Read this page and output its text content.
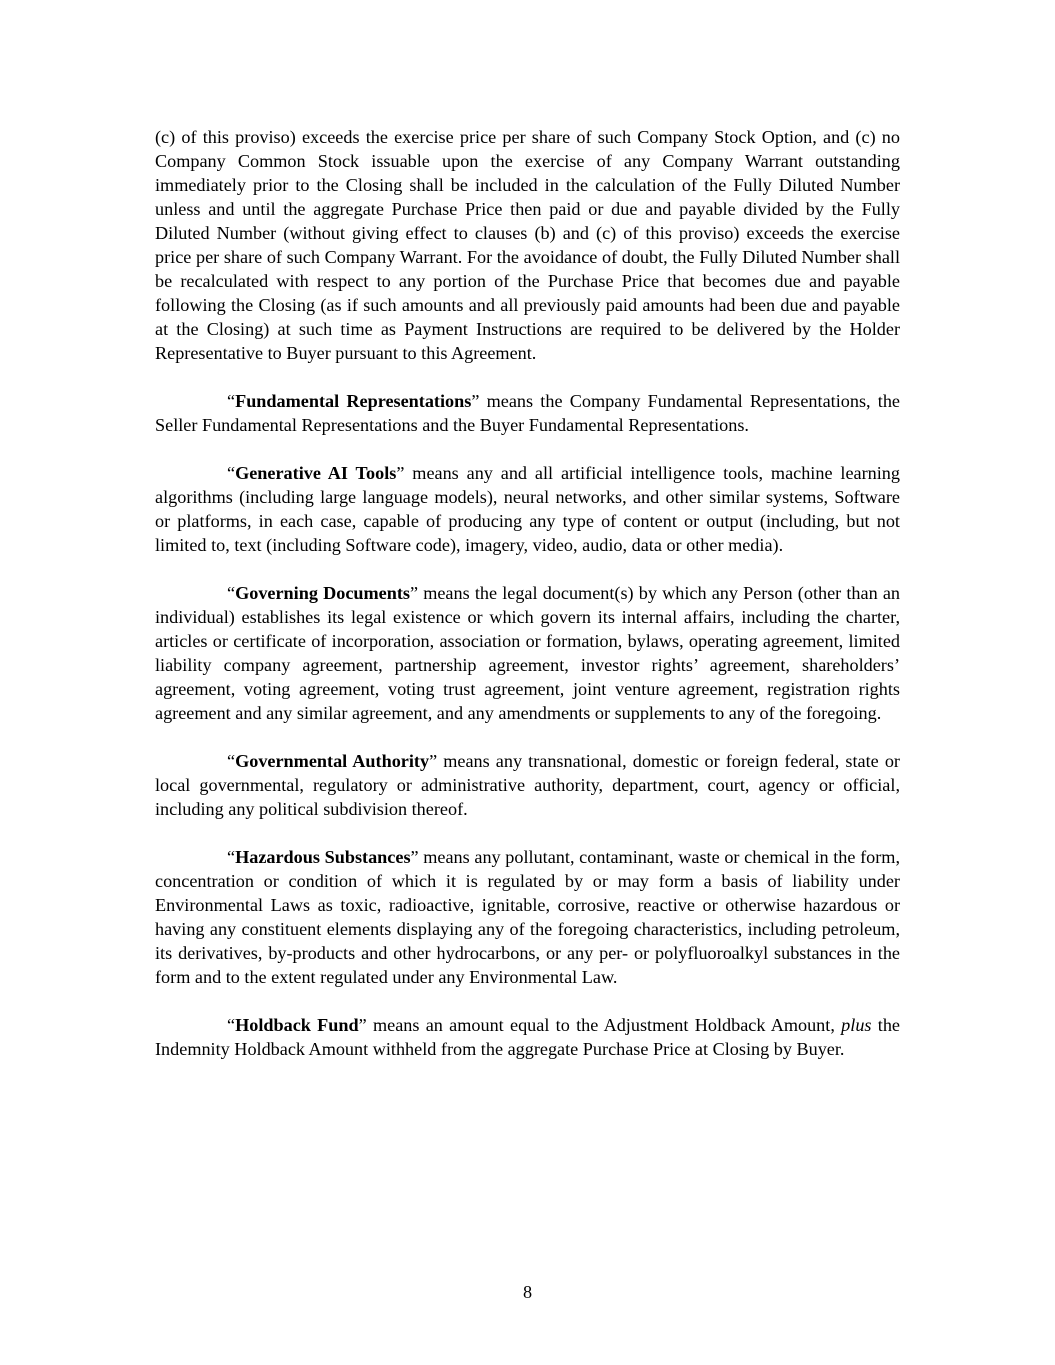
(c) of this proviso) exceeds the exercise price per share of such Company Stock Option, and (c) no Company Common Stock issuable upon the exercise of any Company Warrant outstanding immediately prior to the Closing shall be included in the calculation of the Fully Diluted Number unless and until the aggregate Purchase Price then paid or due and payable divided by the Fully Diluted Number (without giving effect to clauses (b) and (c) of this proviso) exceeds the exercise price per share of such Company Warrant. For the avoidance of doubt, the Fully Diluted Number shall be recalculated with respect to any portion of the Purchase Price that becomes due and payable following the Closing (as if such amounts and all previously paid amounts had been due and payable at the Closing) at such time as Payment Instructions are required to be delivered by the Holder Representative to Buyer pursuant to this Agreement.

“Fundamental Representations” means the Company Fundamental Representations, the Seller Fundamental Representations and the Buyer Fundamental Representations.

“Generative AI Tools” means any and all artificial intelligence tools, machine learning algorithms (including large language models), neural networks, and other similar systems, Software or platforms, in each case, capable of producing any type of content or output (including, but not limited to, text (including Software code), imagery, video, audio, data or other media).

“Governing Documents” means the legal document(s) by which any Person (other than an individual) establishes its legal existence or which govern its internal affairs, including the charter, articles or certificate of incorporation, association or formation, bylaws, operating agreement, limited liability company agreement, partnership agreement, investor rights’ agreement, shareholders’ agreement, voting agreement, voting trust agreement, joint venture agreement, registration rights agreement and any similar agreement, and any amendments or supplements to any of the foregoing.

“Governmental Authority” means any transnational, domestic or foreign federal, state or local governmental, regulatory or administrative authority, department, court, agency or official, including any political subdivision thereof.

“Hazardous Substances” means any pollutant, contaminant, waste or chemical in the form, concentration or condition of which it is regulated by or may form a basis of liability under Environmental Laws as toxic, radioactive, ignitable, corrosive, reactive or otherwise hazardous or having any constituent elements displaying any of the foregoing characteristics, including petroleum, its derivatives, by-products and other hydrocarbons, or any per- or polyfluoroalkyl substances in the form and to the extent regulated under any Environmental Law.

“Holdback Fund” means an amount equal to the Adjustment Holdback Amount, plus the Indemnity Holdback Amount withheld from the aggregate Purchase Price at Closing by Buyer.

8
